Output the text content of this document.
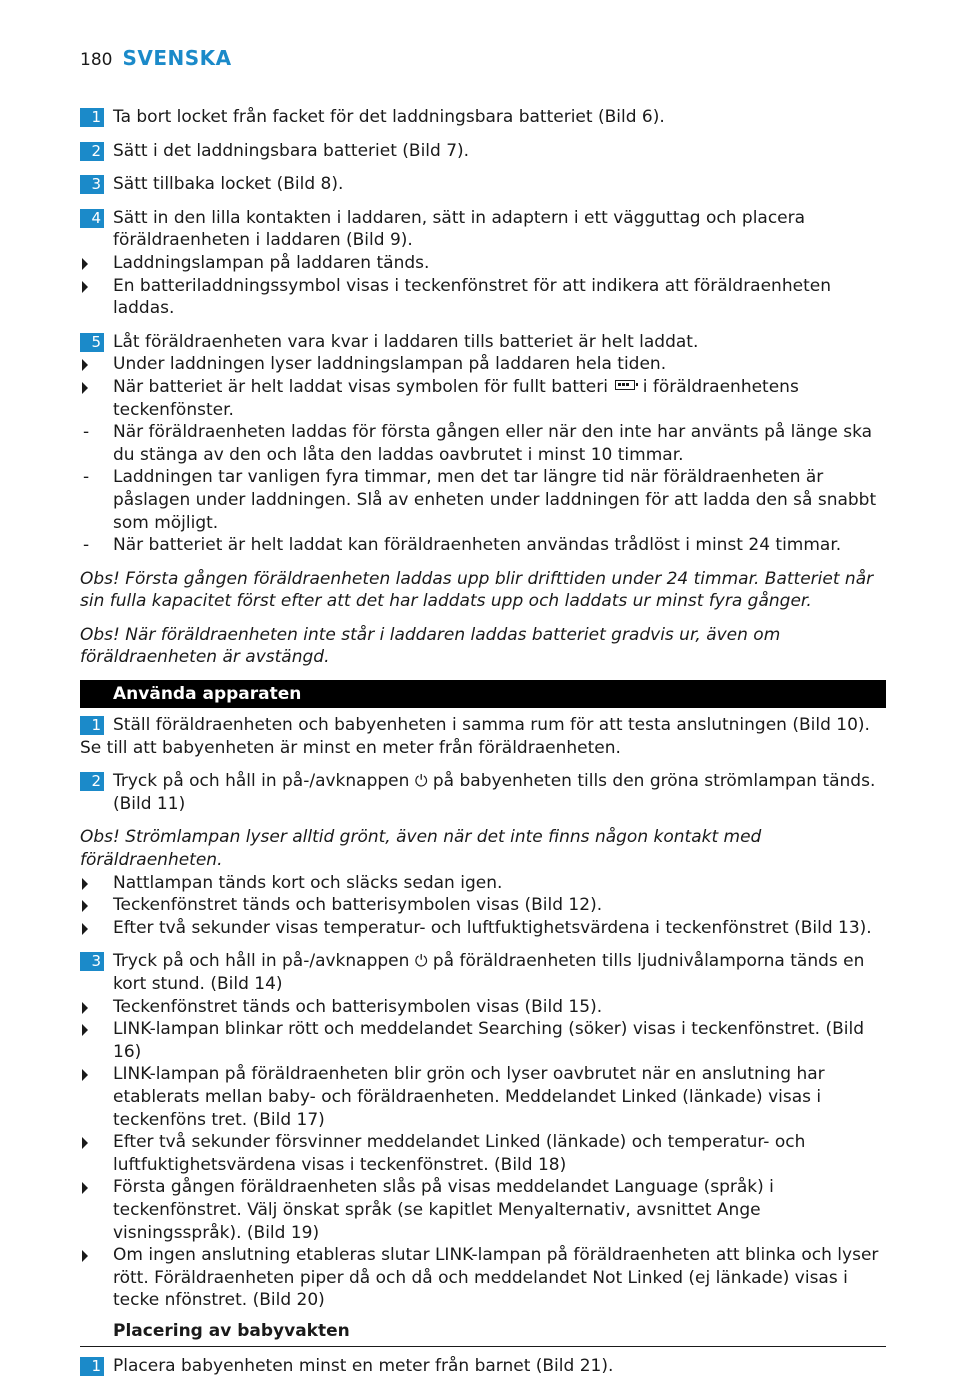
180 SVENSKA
1 Ta bort locket från facket för det laddningsbara batteriet (Bild 6).
2 Sätt i det laddningsbara batteriet (Bild 7).
3 Sätt tillbaka locket (Bild 8).
4 Sätt in den lilla kontakten i laddaren, sätt in adaptern i ett vägguttag och placera föräldraenheten i laddaren (Bild 9).
Laddningslampan på laddaren tänds.
En batteriladdningssymbol visas i teckenfönstret för att indikera att föräldraenheten laddas.
5 Låt föräldraenheten vara kvar i laddaren tills batteriet är helt laddat.
Under laddningen lyser laddningslampan på laddaren hela tiden.
När batteriet är helt laddat visas symbolen för fullt batteri i föräldraenhetens teckenfönster.
- När föräldraenheten laddas för första gången eller när den inte har använts på länge ska du stänga av den och låta den laddas oavbrutet i minst 10 timmar.
- Laddningen tar vanligen fyra timmar, men det tar längre tid när föräldraenheten är påslagen under laddningen. Slå av enheten under laddningen för att ladda den så snabbt som möjligt.
- När batteriet är helt laddat kan föräldraenheten användas trådlöst i minst 24 timmar.
Obs! Första gången föräldraenheten laddas upp blir drifttiden under 24 timmar. Batteriet når sin fulla kapacitet först efter att det har laddats upp och laddats ur minst fyra gånger.
Obs! När föräldraenheten inte står i laddaren laddas batteriet gradvis ur, även om föräldraenheten är avstängd.
Använda apparaten
1 Ställ föräldraenheten och babyenheten i samma rum för att testa anslutningen (Bild 10).
Se till att babyenheten är minst en meter från föräldraenheten.
2 Tryck på och håll in på-/avknappen ⏻ på babyenheten tills den gröna strömlampan tänds. (Bild 11)
Obs! Strömlampan lyser alltid grönt, även när det inte finns någon kontakt med föräldraenheten.
Nattlampan tänds kort och släcks sedan igen.
Teckenfönstret tänds och batterisymbolen visas (Bild 12).
Efter två sekunder visas temperatur- och luftfuktighetsvärdena i teckenfönstret (Bild 13).
3 Tryck på och håll in på-/avknappen ⏻ på föräldraenheten tills ljudnivålamporna tänds en kort stund. (Bild 14)
Teckenfönstret tänds och batterisymbolen visas (Bild 15).
LINK-lampan blinkar rött och meddelandet Searching (söker) visas i teckenfönstret. (Bild 16)
LINK-lampan på föräldraenheten blir grön och lyser oavbrutet när en anslutning har etablerats mellan baby- och föräldraenheten. Meddelandet Linked (länkade) visas i teckenföns tret. (Bild 17)
Efter två sekunder försvinner meddelandet Linked (länkade) och temperatur- och luftfuktighetsvärdena visas i teckenfönstret. (Bild 18)
Första gången föräldraenheten slås på visas meddelandet Language (språk) i teckenfönstret. Välj önskat språk (se kapitlet Menyalternativ, avsnittet Ange visningsspråk). (Bild 19)
Om ingen anslutning etableras slutar LINK-lampan på föräldraenheten att blinka och lyser rött. Föräldraenheten piper då och då och meddelandet Not Linked (ej länkade) visas i tecke nfönstret. (Bild 20)
Placering av babyvakten
1 Placera babyenheten minst en meter från barnet (Bild 21).
